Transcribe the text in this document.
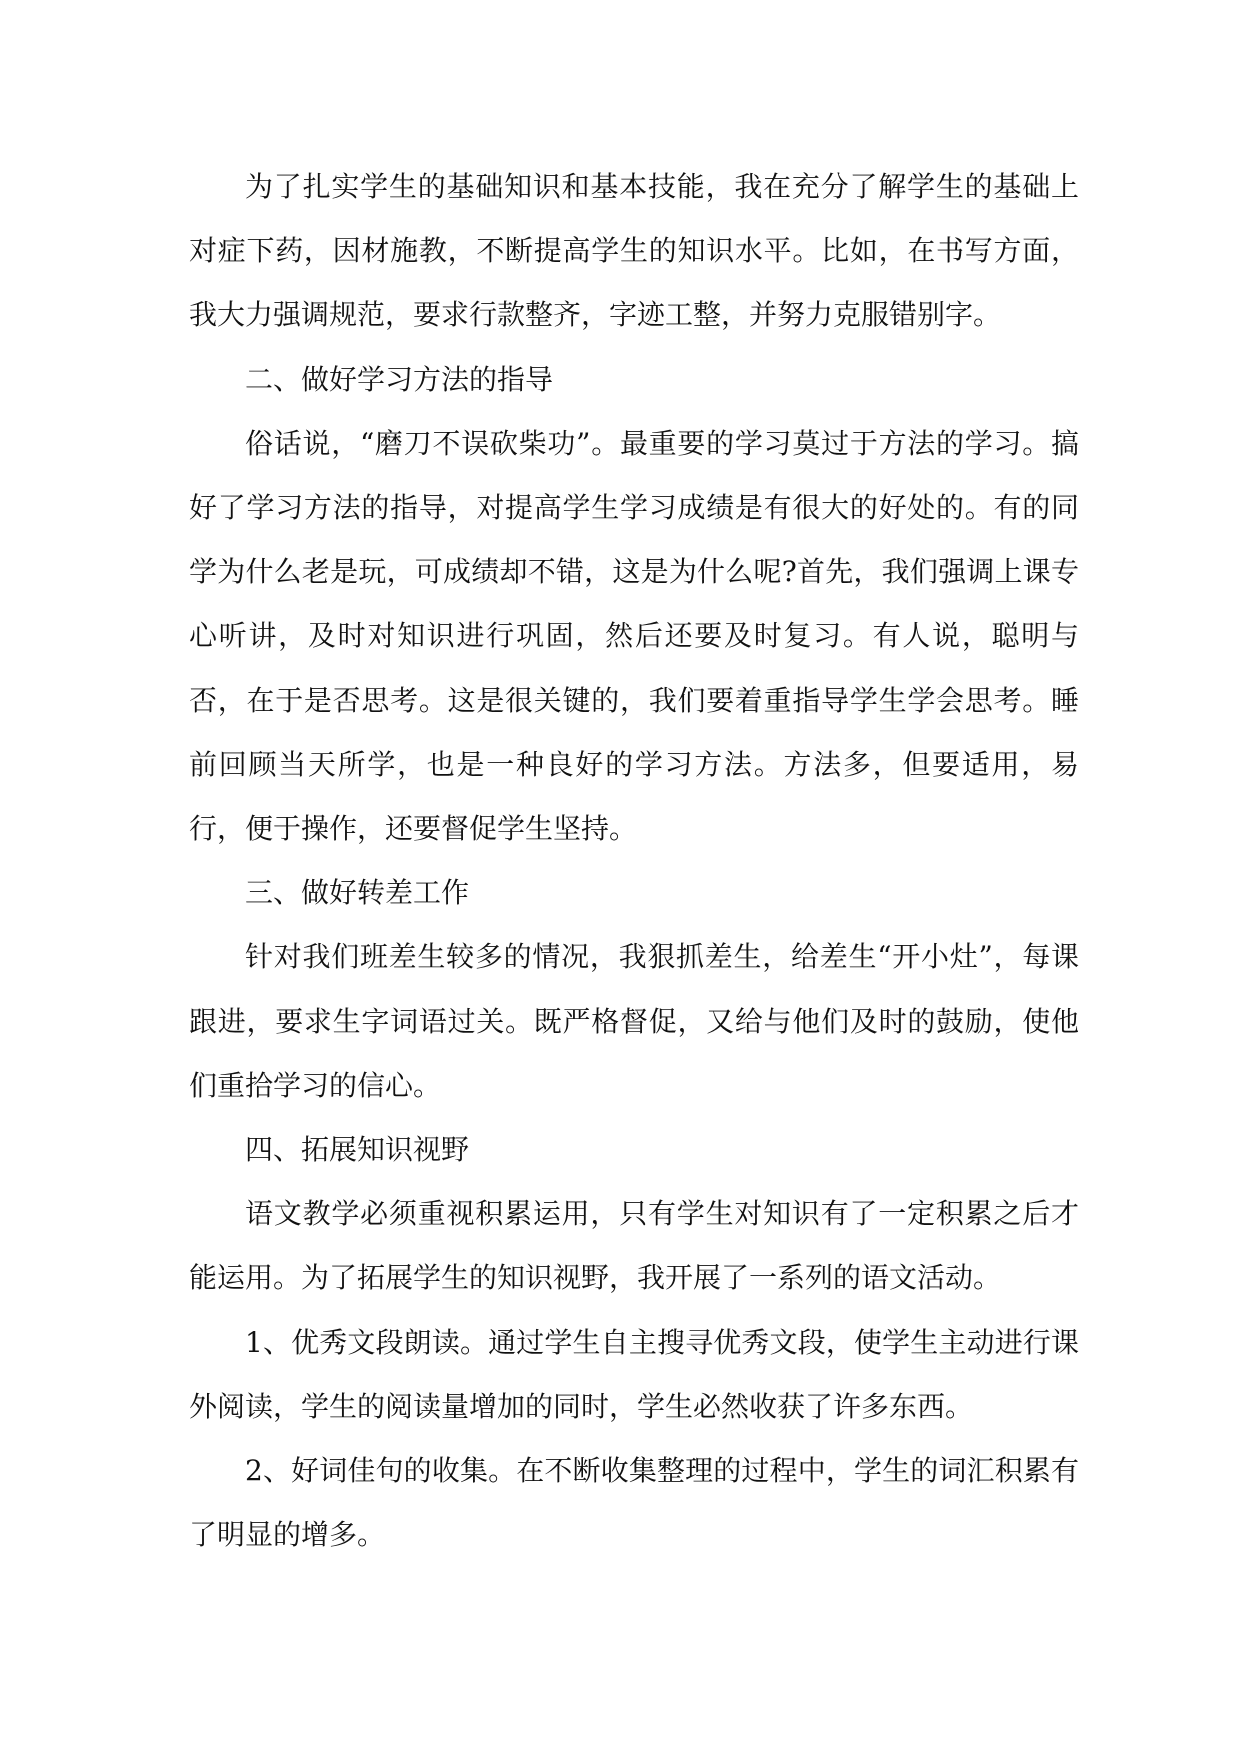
为了扎实学生的基础知识和基本技能，我在充分了解学生的基础上对症下药，因材施教，不断提高学生的知识水平。比如，在书写方面，我大力强调规范，要求行款整齐，字迹工整，并努力克服错别字。

二、做好学习方法的指导

俗话说，“磨刀不误砍柴功”。最重要的学习莫过于方法的学习。搞好了学习方法的指导，对提高学生学习成绩是有很大的好处的。有的同学为什么老是玩，可成绩却不错，这是为什么呢?首先，我们强调上课专心听讲，及时对知识进行巩固，然后还要及时复习。有人说，聪明与否，在于是否思考。这是很关键的，我们要着重指导学生学会思考。睡前回顾当天所学，也是一种良好的学习方法。方法多，但要适用，易行，便于操作，还要督促学生坚持。

三、做好转差工作

针对我们班差生较多的情况，我狠抓差生，给差生“开小灶”，每课跟进，要求生字词语过关。既严格督促，又给与他们及时的鼓励，使他们重拾学习的信心。

四、拓展知识视野

语文教学必须重视积累运用，只有学生对知识有了一定积累之后才能运用。为了拓展学生的知识视野，我开展了一系列的语文活动。

1、优秀文段朗读。通过学生自主搜寻优秀文段，使学生主动进行课外阅读，学生的阅读量增加的同时，学生必然收获了许多东西。

2、好词佳句的收集。在不断收集整理的过程中，学生的词汇积累有了明显的增多。
